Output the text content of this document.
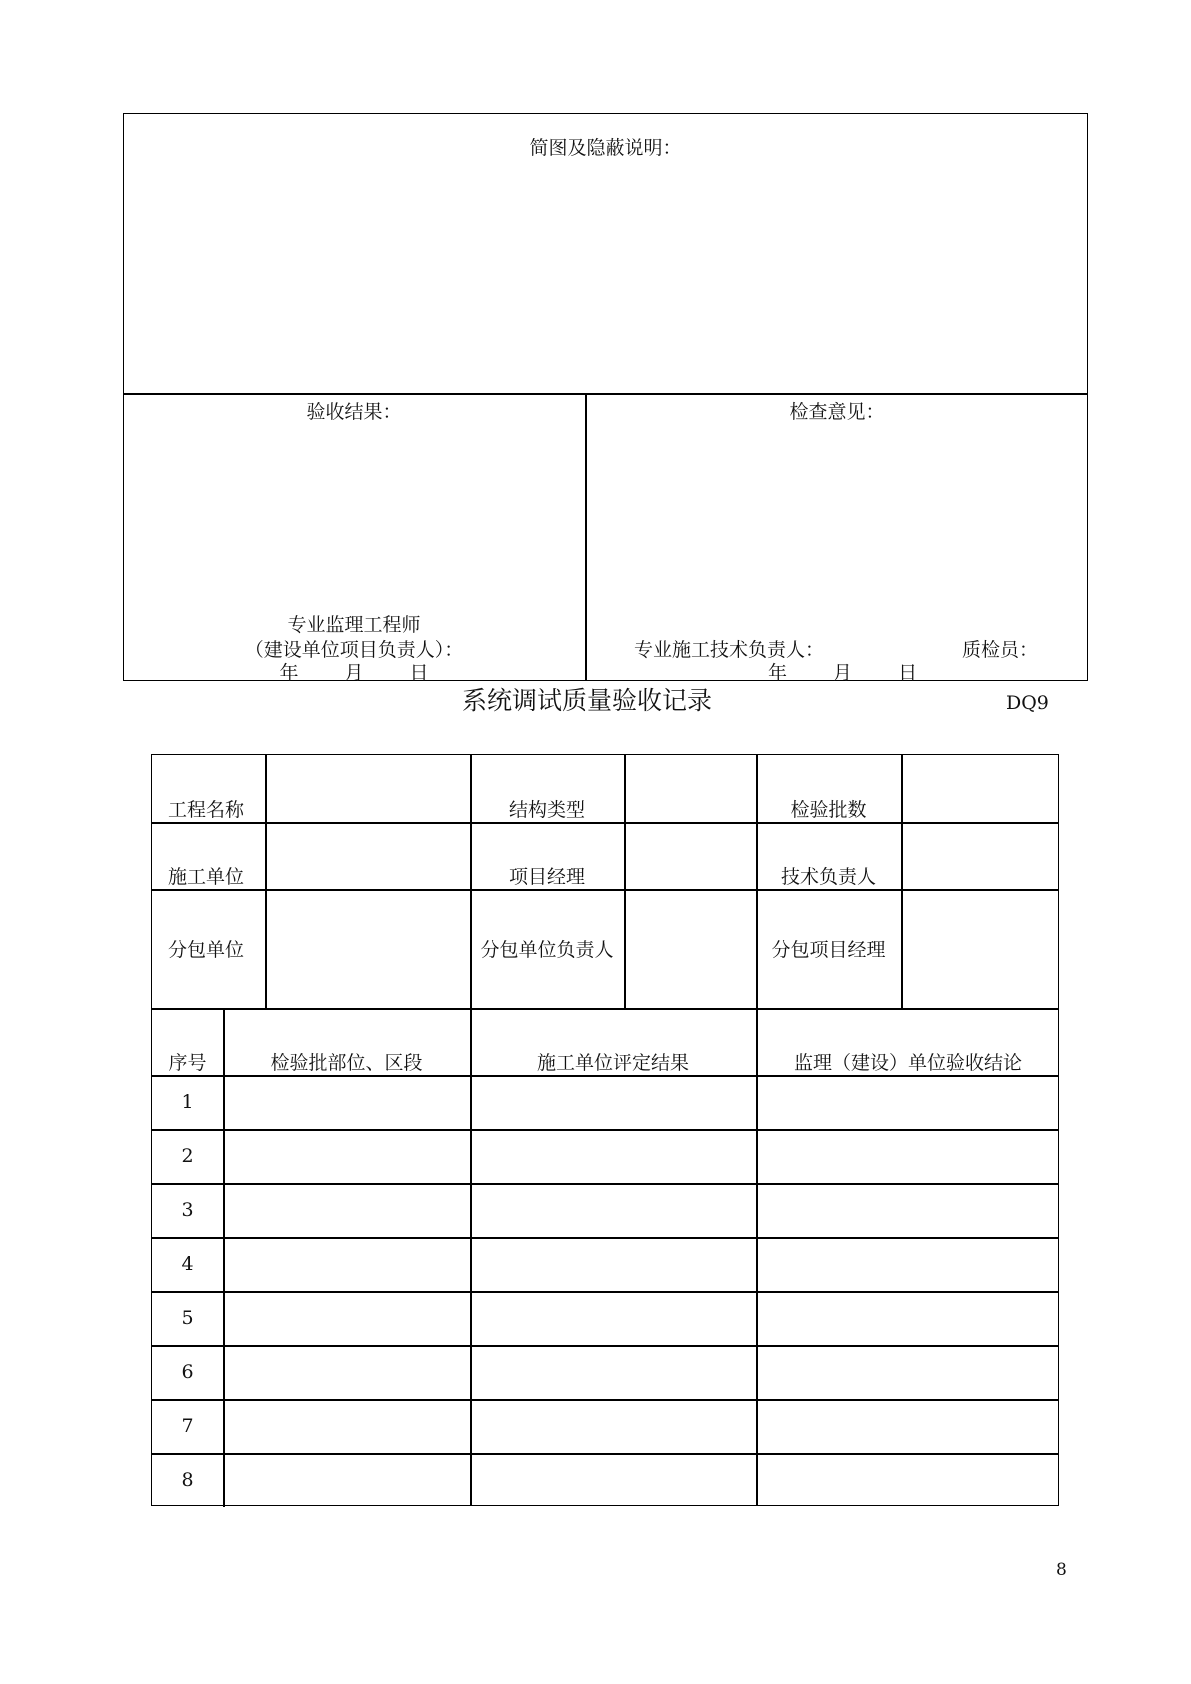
简图及隐蔽说明：
验收结果：	检查意见：
专业监理工程师
（建设单位项目负责人）：
年 月 日
专业施工技术负责人：	质检员：
年 月 日
系统调试质量验收记录	DQ9
工程名称	结构类型	检验批数
施工单位	项目经理	技术负责人
分包单位	分包单位负责人	分包项目经理
序号	检验批部位、区段	施工单位评定结果	监理（建设）单位验收结论
1
2
3
4
5
6
7
8
8
